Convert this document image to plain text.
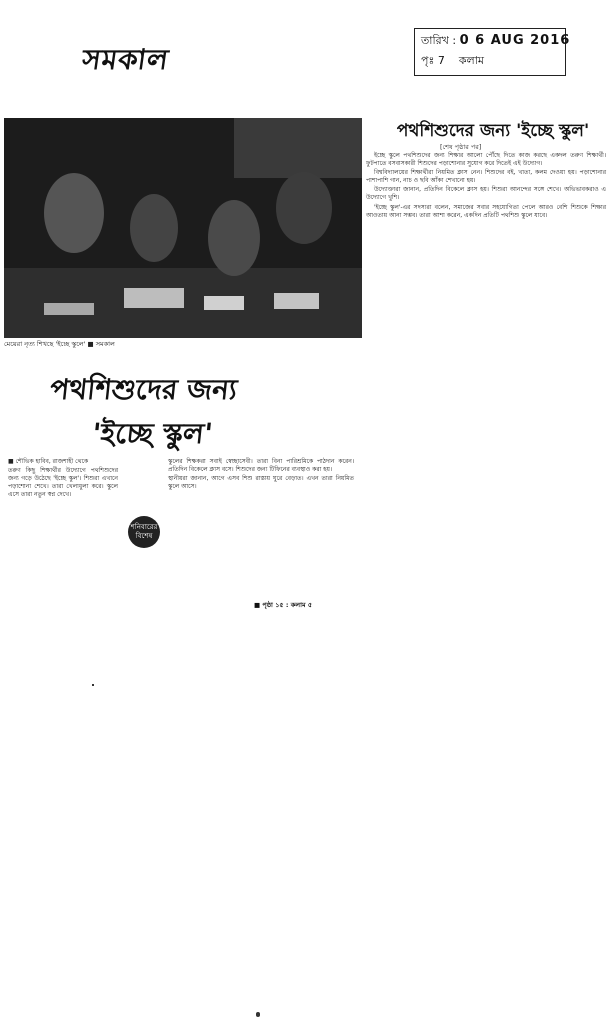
সমকাল
তারিখ : 0 6 AUG 2016
পৃঃ 7 কলাম
মেয়েরা নৃত্য শিখছে 'ইচ্ছে স্কুলে' ■ সমকাল
পথশিশুদের জন্য 'ইচ্ছে স্কুল'
[শেষ পৃষ্ঠার পর]

ইচ্ছে স্কুলে পথশিশুদের জন্য শিক্ষার আলো পৌঁছে দিতে কাজ করছে একদল তরুণ শিক্ষার্থী। ফুটপাতে বসবাসকারী শিশুদের পড়াশোনার সুযোগ করে দিতেই এই উদ্যোগ।

বিশ্ববিদ্যালয়ের শিক্ষার্থীরা নিয়মিত ক্লাস নেন। শিশুদের বই, খাতা, কলম দেওয়া হয়। পড়াশোনার পাশাপাশি গান, নাচ ও ছবি আঁকা শেখানো হয়।

উদ্যোক্তারা জানান, প্রতিদিন বিকেলে ক্লাস হয়। শিশুরা আনন্দের সঙ্গে শেখে। অভিভাবকরাও এ উদ্যোগে খুশি।

'ইচ্ছে স্কুল'-এর সদস্যরা বলেন, সমাজের সবার সহযোগিতা পেলে আরও বেশি শিশুকে শিক্ষার আওতায় আনা সম্ভব। তারা আশা করেন, একদিন প্রতিটি পথশিশু স্কুলে যাবে।

পথশিশুদের জন্য
'ইচ্ছে স্কুল'

■ শৌভিক হাবিব, রাজশাহী থেকে

তরুণ কিছু শিক্ষার্থীর উদ্যোগে পথশিশুদের জন্য গড়ে উঠেছে 'ইচ্ছে স্কুল'। শিশুরা এখানে পড়াশোনা শেখে। তারা খেলাধুলা করে। স্কুলে এসে তারা নতুন স্বপ্ন দেখে।

শনিবারের বিশেষ

স্কুলের শিক্ষকরা সবাই স্বেচ্ছাসেবী। তারা বিনা পারিশ্রমিকে পাঠদান করেন। প্রতিদিন বিকেলে ক্লাস বসে। শিশুদের জন্য টিফিনের ব্যবস্থাও করা হয়।

স্থানীয়রা জানান, আগে এসব শিশু রাস্তায় ঘুরে বেড়াত। এখন তারা নিয়মিত স্কুলে আসে।

■ পৃষ্ঠা ১৫ : কলাম ৫
